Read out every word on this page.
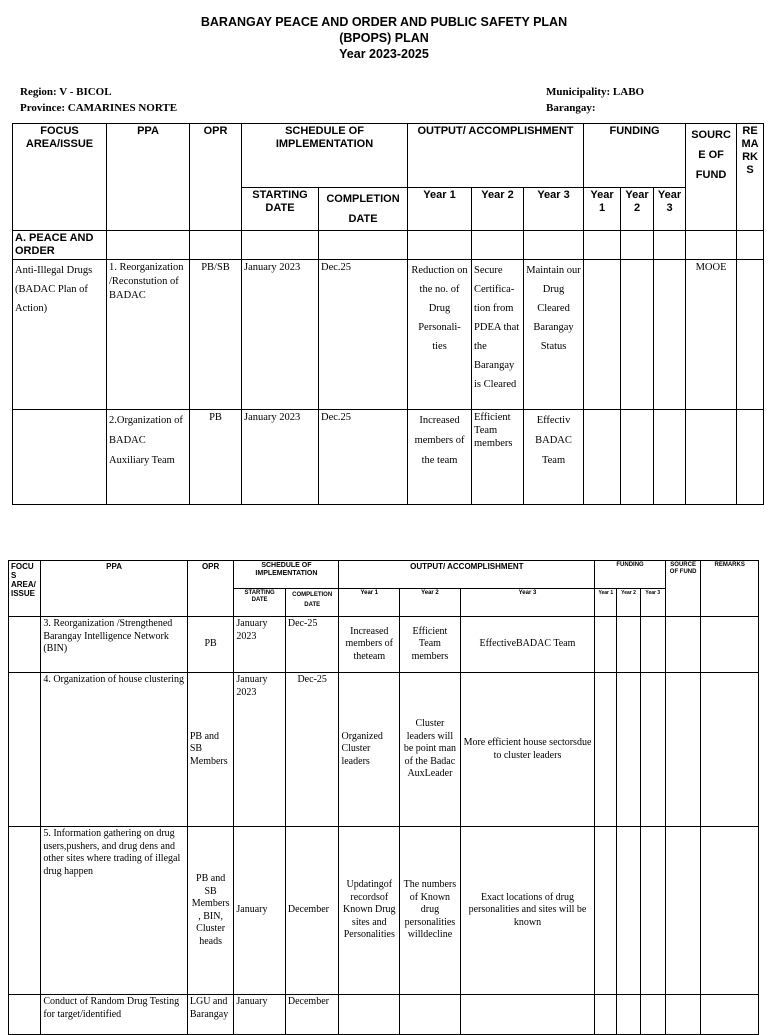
BARANGAY PEACE AND ORDER AND PUBLIC SAFETY PLAN
(BPOPS) PLAN
Year 2023-2025
Region: V - BICOL
Province: CAMARINES NORTE
Municipality: LABO
Barangay:
FOCUS AREA/ISSUE	PPA	OPR	SCHEDULE OF IMPLEMENTATION		OUTPUT/ ACCOMPLISHMENT			FUNDING			SOURCE OF FUND	REMARKS
			STARTING DATE	COMPLETION DATE	Year 1	Year 2	Year 3	Year 1	Year 2	Year 3		
A. PEACE AND ORDER												
Anti-Illegal Drugs (BADAC Plan of Action)	1. Reorganization /Reconstution of BADAC	PB/SB	January 2023	Dec.25	Reduction on the no. of Drug Personali- ties	Secure Certifica-tion from PDEA that the Barangay is Cleared	Maintain our Drug Cleared Barangay Status				MOOE	
	2.Organization of BADAC Auxiliary Team	PB	January 2023	Dec.25	Increased members of the team	Efficient Team members	Effectiv BADAC Team					
FOCUS AREA/ ISSUE	PPA	OPR	SCHEDULE OF IMPLEMENTATION		OUTPUT/ ACCOMPLISHMENT			FUNDING			SOURCE OF FUND	REMARKS
			STARTING DATE	COMPLETION DATE	Year 1	Year 2	Year 3	Year 1	Year 2	Year 3		
	3. Reorganization /Strengthened Barangay Intelligence Network (BIN)	PB	January 2023	Dec-25	Increased members of theteam	Efficient Team members	EffectiveBADAC Team					
	4. Organization of house clustering	PB and SB Members	January 2023	Dec-25	Organized Cluster leaders	Cluster leaders will be point man of the Badac AuxLeader	More efficient house sectorsdue to cluster leaders					
	5. Information gathering on drug users,pushers, and drug dens and other sites where trading of illegal drug happen	PB and SB Members , BIN, Cluster heads	January	December	Updatingof recordsof Known Drug sites and Personalities	The numbers of Known drug personalities willdecline	Exact locations of drug personalities and sites will be known					
	Conduct of Random Drug Testing for target/identified	LGU and Barangay	January	December								
